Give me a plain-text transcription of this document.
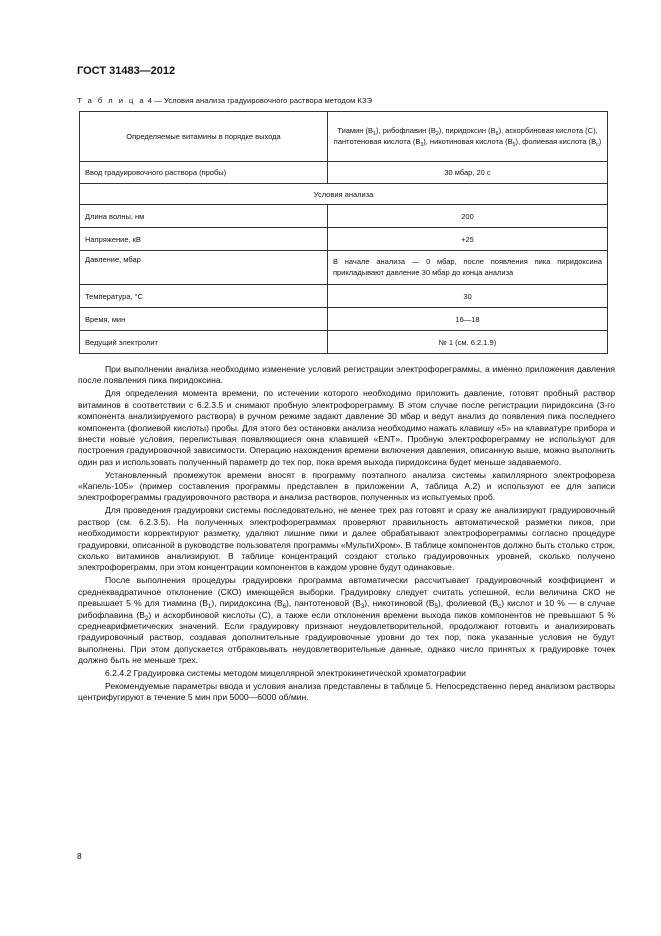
ГОСТ 31483—2012
Т а б л и ц а 4 — Условия анализа градуировочного раствора методом КЗЭ
Определяемые витамины в порядке выхода	Тиамин $(B_1)$, рибофлавин $(B_2)$, пиридоксин $(B_6)$, аскорбиновая кислота (C), пантотеновая кислота $(B_3)$, никотиновая кислота $(B_5)$, фолиевая кислота $(B_c)$
Ввод градуировочного раствора (пробы)	30 мбар, 20 с
Условия анализа	
Длина волны, нм	200
Напряжение, кВ	+25
Давление, мбар	В начале анализа — 0 мбар, после появления пика пиридоксина прикладывают давление 30 мбар до конца анализа
Температура, °C	30
Время, мин	16—18
Ведущий электролит	№ 1 (см. 6.2.1.9)

При выполнении анализа необходимо изменение условий регистрации электрофореграммы, а именно приложения давления после появления пика пиридоксина.

Для определения момента времени, по истечении которого необходимо приложить давление, готовят пробный раствор витаминов в соответствии с 6.2.3.5 и снимают пробную электрофореграмму. В этом случае после регистрации пиридоксина (3-го компонента анализируемого раствора) в ручном режиме задают давление 30 мбар и ведут анализ до появления пика последнего компонента (фолиевой кислоты) пробы. Для этого без остановки анализа необходимо нажать клавишу «5» на клавиатуре прибора и внести новые условия, перелистывая появляющиеся окна клавишей «ENT». Пробную электрофореграмму не используют для построения градуировочной зависимости. Операцию нахождения времени включения давления, описанную выше, можно выполнить один раз и использовать полученный параметр до тех пор, пока время выхода пиридоксина будет меньше задаваемого.

Установленный промежуток времени вносят в программу поэтапного анализа системы капиллярного электрофореза «Капель-105» (пример составления программы представлен в приложении А, таблица А.2) и используют ее для записи электрофореграммы градуировочного раствора и анализа растворов, полученных из испытуемых проб.

Для проведения градуировки системы последовательно, не менее трех раз готовят и сразу же анализируют градуировочный раствор (см. 6.2.3.5). На полученных электрофореграммах проверяют правильность автоматической разметки пиков, при необходимости корректируют разметку, удаляют лишние пики и далее обрабатывают электрофореграммы согласно процедуре градуировки, описанной в руководстве пользователя программы «МультиХром». В таблице компонентов должно быть столько строк, сколько витаминов анализируют. В таблице концентраций создают столько градуировочных уровней, сколько получено электрофореграмм, при этом концентрации компонентов в каждом уровне будут одинаковые.

После выполнения процедуры градуировки программа автоматически рассчитывает градуировочный коэффициент и среднеквадратичное отклонение (СКО) имеющейся выборки. Градуировку следует считать успешной, если величина СКО не превышает 5 % для тиамина $(B_1)$, пиридоксина $(B_6)$, пантотеновой $(B_3)$, никотиновой $(B_5)$, фолиевой $(B_c)$ кислот и 10 % — в случае рибофлавина $(B_2)$ и аскорбиновой кислоты (C), а также если отклонения времени выхода пиков компонентов не превышают 5 % среднеарифметических значений. Если градуировку признают неудовлетворительной, продолжают готовить и анализировать градуировочный раствор, создавая дополнительные градуировочные уровни до тех пор, пока указанные условия не будут выполнены. При этом допускается отбраковывать неудовлетворительные данные, однако число принятых к градуировке точек должно быть не меньше трех.

6.2.4.2 Градуировка системы методом мицеллярной электрокинетической хроматографии

Рекомендуемые параметры ввода и условия анализа представлены в таблице 5. Непосредственно перед анализом растворы центрифугируют в течение 5 мин при 5000—6000 об/мин.

8
